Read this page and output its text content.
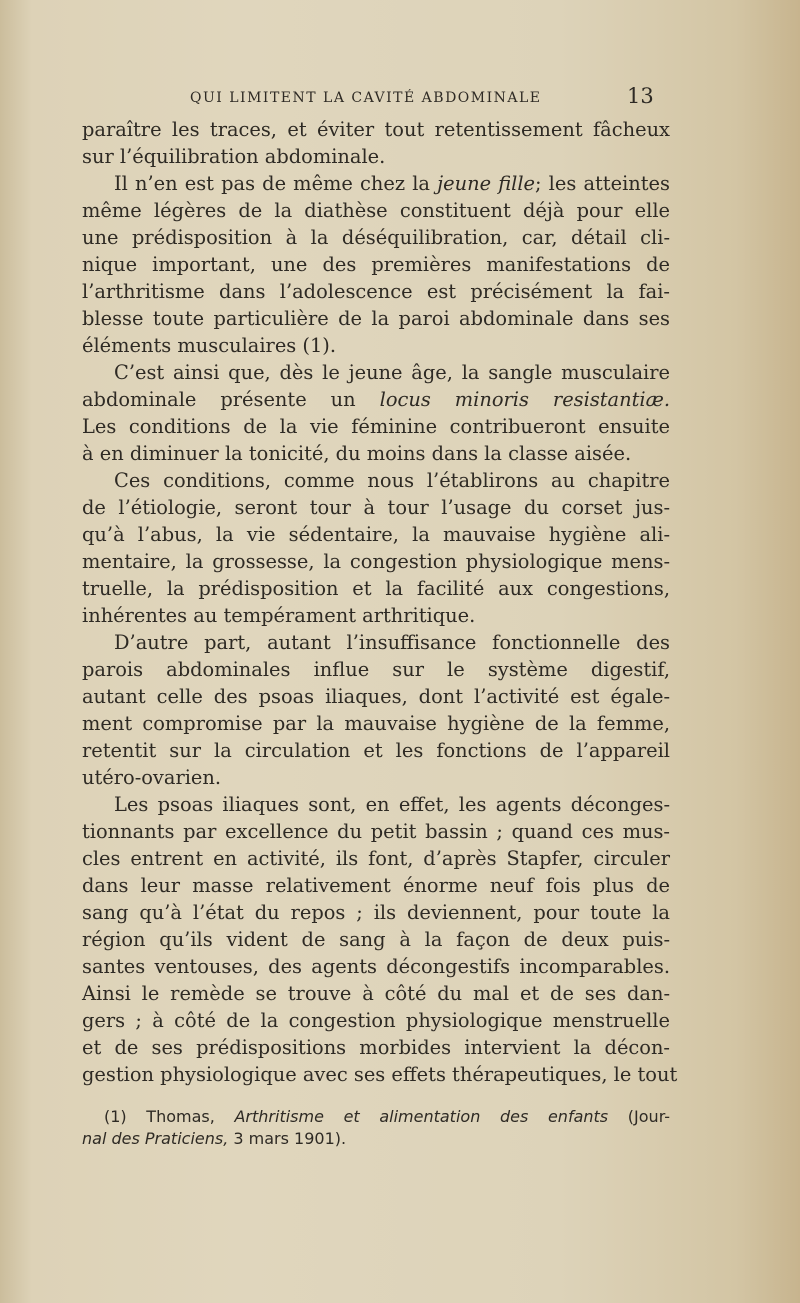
QUI LIMITENT LA CAVITÉ ABDOMINALE	13
paraître les traces, et éviter tout retentissement fâcheux
sur l’équilibration abdominale.
Il n’en est pas de même chez la jeune fille; les atteintes
même légères de la diathèse constituent déjà pour elle
une prédisposition à la déséquilibration, car, détail cli-
nique important, une des premières manifestations de
l’arthritisme dans l’adolescence est précisément la fai-
blesse toute particulière de la paroi abdominale dans ses
éléments musculaires (1).
C’est ainsi que, dès le jeune âge, la sangle musculaire
abdominale présente un locus minoris resistantiæ.
Les conditions de la vie féminine contribueront ensuite
à en diminuer la tonicité, du moins dans la classe aisée.
Ces conditions, comme nous l’établirons au chapitre
de l’étiologie, seront tour à tour l’usage du corset jus-
qu’à l’abus, la vie sédentaire, la mauvaise hygiène ali-
mentaire, la grossesse, la congestion physiologique mens-
truelle, la prédisposition et la facilité aux congestions,
inhérentes au tempérament arthritique.
D’autre part, autant l’insuffisance fonctionnelle des
parois abdominales influe sur le système digestif,
autant celle des psoas iliaques, dont l’activité est égale-
ment compromise par la mauvaise hygiène de la femme,
retentit sur la circulation et les fonctions de l’appareil
utéro-ovarien.
Les psoas iliaques sont, en effet, les agents déconges-
tionnants par excellence du petit bassin ; quand ces mus-
cles entrent en activité, ils font, d’après Stapfer, circuler
dans leur masse relativement énorme neuf fois plus de
sang qu’à l’état du repos ; ils deviennent, pour toute la
région qu’ils vident de sang à la façon de deux puis-
santes ventouses, des agents décongestifs incomparables.
Ainsi le remède se trouve à côté du mal et de ses dan-
gers ; à côté de la congestion physiologique menstruelle
et de ses prédispositions morbides intervient la décon-
gestion physiologique avec ses effets thérapeutiques, le tout
(1) Thomas, Arthritisme et alimentation des enfants (Jour-
nal des Praticiens, 3 mars 1901).
